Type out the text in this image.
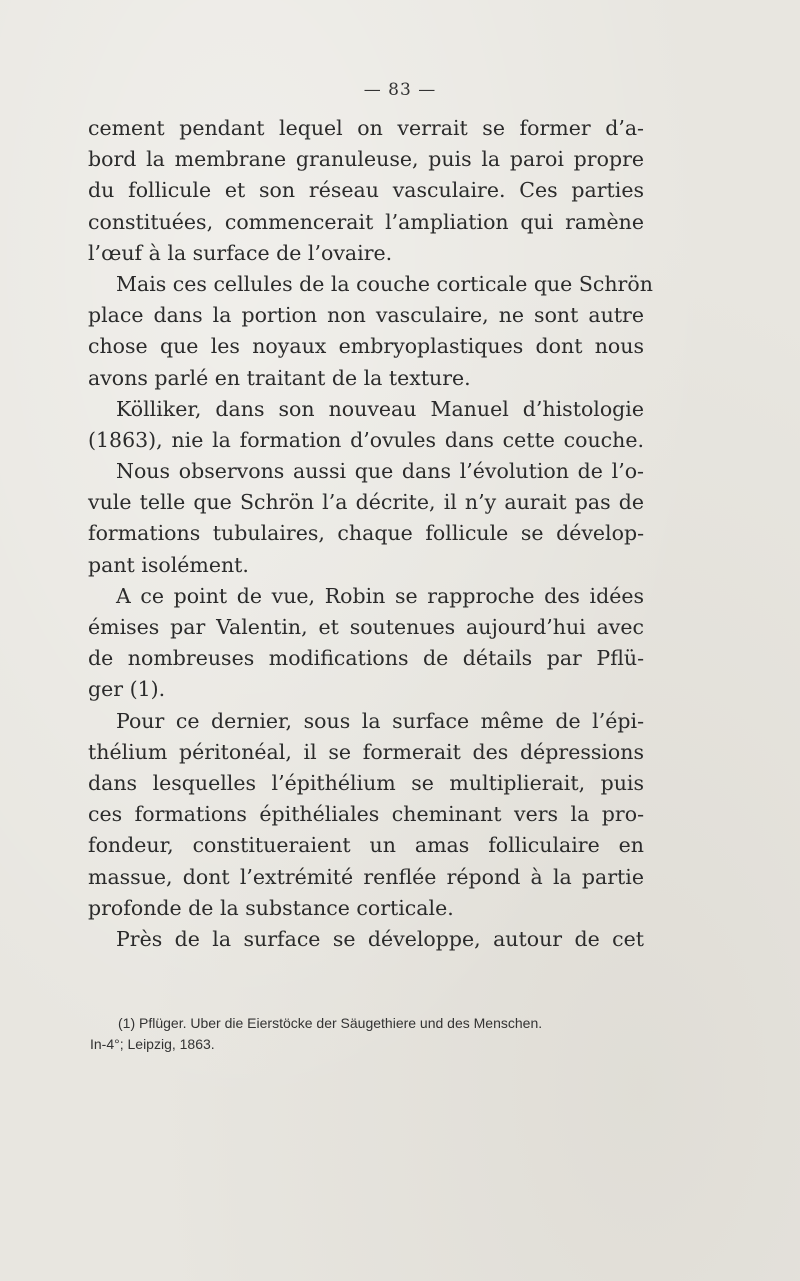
— 83 —
cement pendant lequel on verrait se former d’a-
bord la membrane granuleuse, puis la paroi propre
du follicule et son réseau vasculaire. Ces parties
constituées, commencerait l’ampliation qui ramène
l’œuf à la surface de l’ovaire.
Mais ces cellules de la couche corticale que Schrön
place dans la portion non vasculaire, ne sont autre
chose que les noyaux embryoplastiques dont nous
avons parlé en traitant de la texture.
Kölliker, dans son nouveau Manuel d’histologie
(1863), nie la formation d’ovules dans cette couche.
Nous observons aussi que dans l’évolution de l’o-
vule telle que Schrön l’a décrite, il n’y aurait pas de
formations tubulaires, chaque follicule se dévelop-
pant isolément.
A ce point de vue, Robin se rapproche des idées
émises par Valentin, et soutenues aujourd’hui avec
de nombreuses modifications de détails par Pflü-
ger (1).
Pour ce dernier, sous la surface même de l’épi-
thélium péritonéal, il se formerait des dépressions
dans lesquelles l’épithélium se multiplierait, puis
ces formations épithéliales cheminant vers la pro-
fondeur, constitueraient un amas folliculaire en
massue, dont l’extrémité renflée répond à la partie
profonde de la substance corticale.
Près de la surface se développe, autour de cet
(1) Pflüger. Uber die Eierstöcke der Säugethiere und des Menschen.
In-4°; Leipzig, 1863.
